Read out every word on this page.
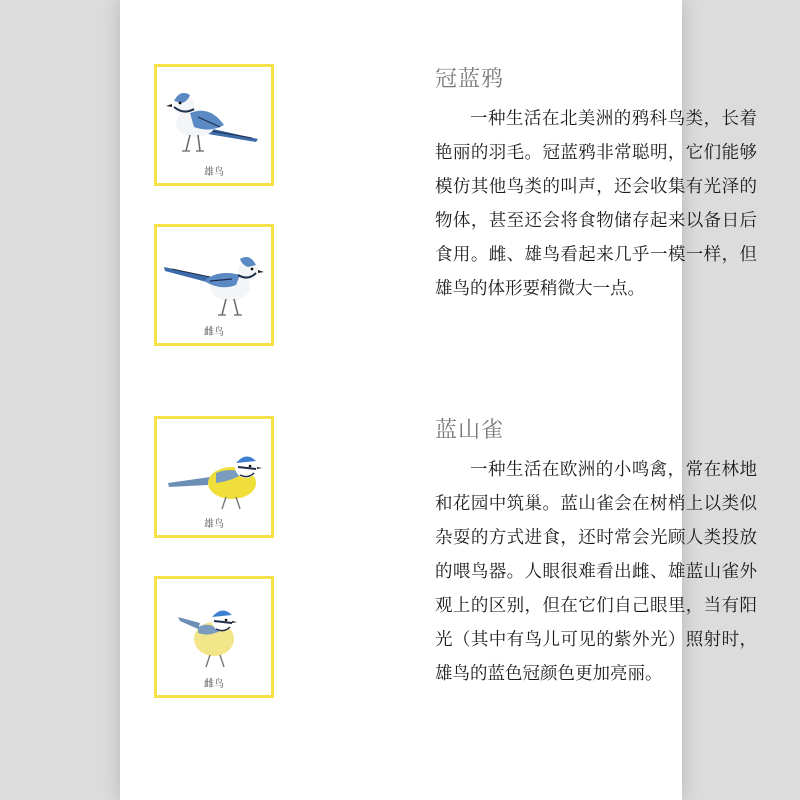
雄鸟
雌鸟
冠蓝鸦

一种生活在北美洲的鸦科鸟类，长着艳丽的羽毛。冠蓝鸦非常聪明，它们能够模仿其他鸟类的叫声，还会收集有光泽的物体，甚至还会将食物储存起来以备日后食用。雌、雄鸟看起来几乎一模一样，但雄鸟的体形要稍微大一点。

雄鸟
雌鸟
蓝山雀

一种生活在欧洲的小鸣禽，常在林地和花园中筑巢。蓝山雀会在树梢上以类似杂耍的方式进食，还时常会光顾人类投放的喂鸟器。人眼很难看出雌、雄蓝山雀外观上的区别，但在它们自己眼里，当有阳光（其中有鸟儿可见的紫外光）照射时，雄鸟的蓝色冠颜色更加亮丽。
